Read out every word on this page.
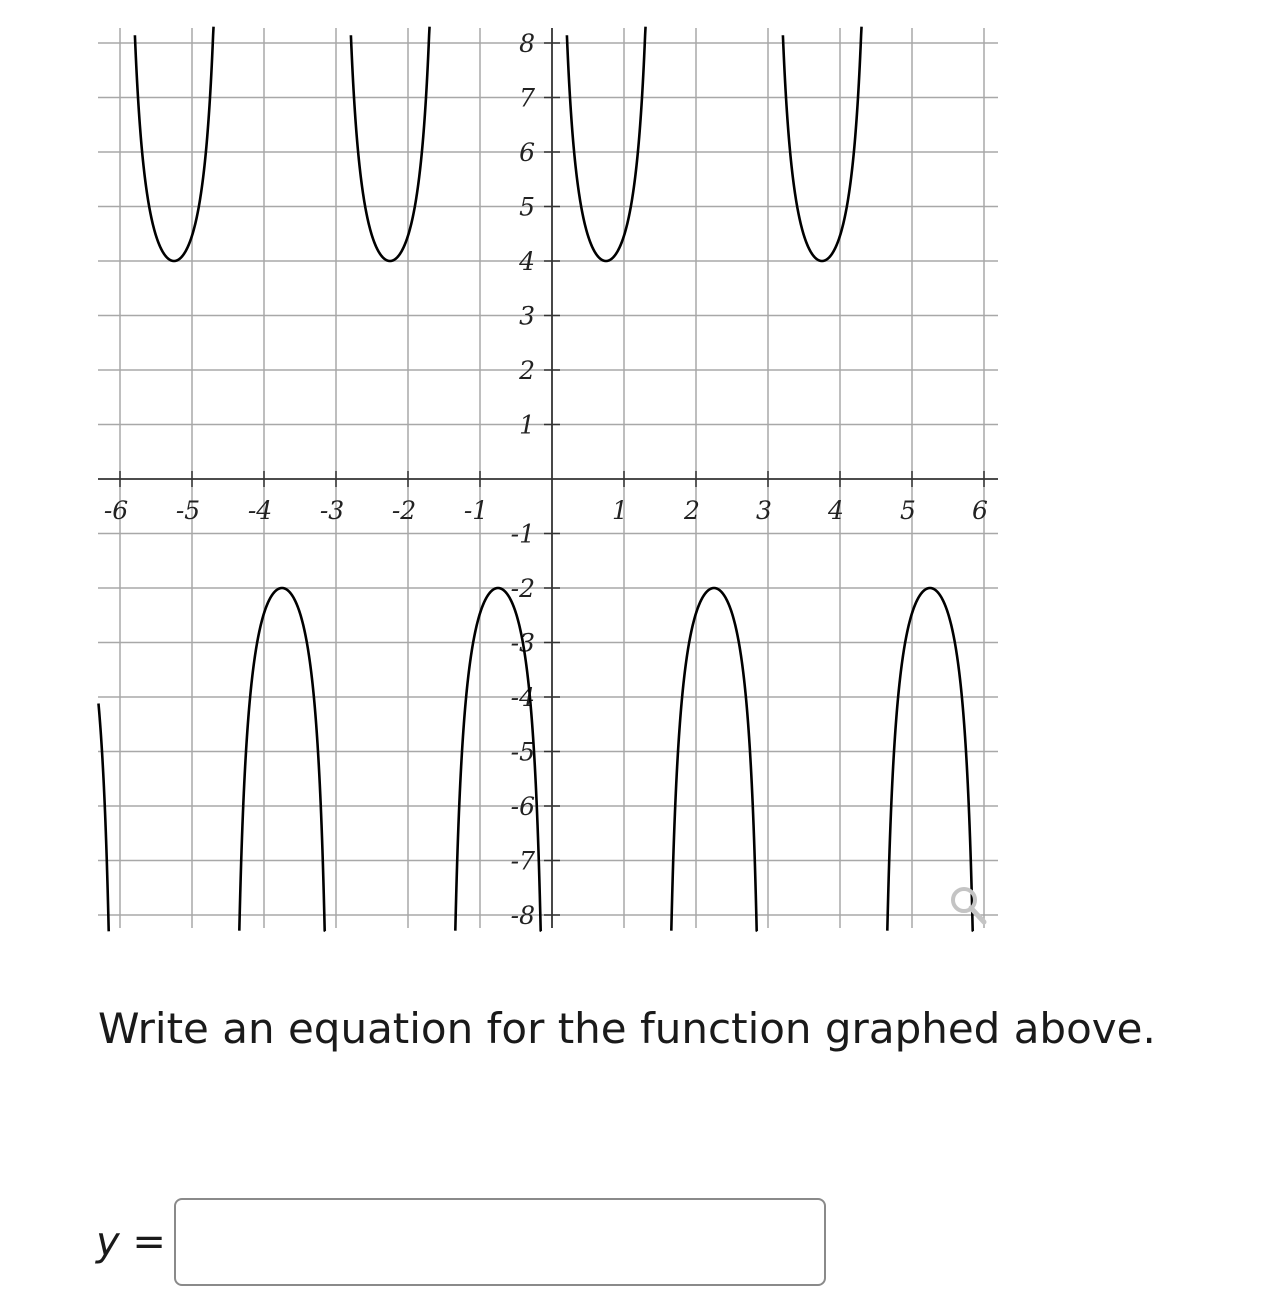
-6 -5 -4 -3 -2 -1	1 2 3 4 5 6
8
7
6
5
4
3
2
1
-1
-2
-3
-4
-5
-6
-7
-8

Write an equation for the function graphed above.

y =
